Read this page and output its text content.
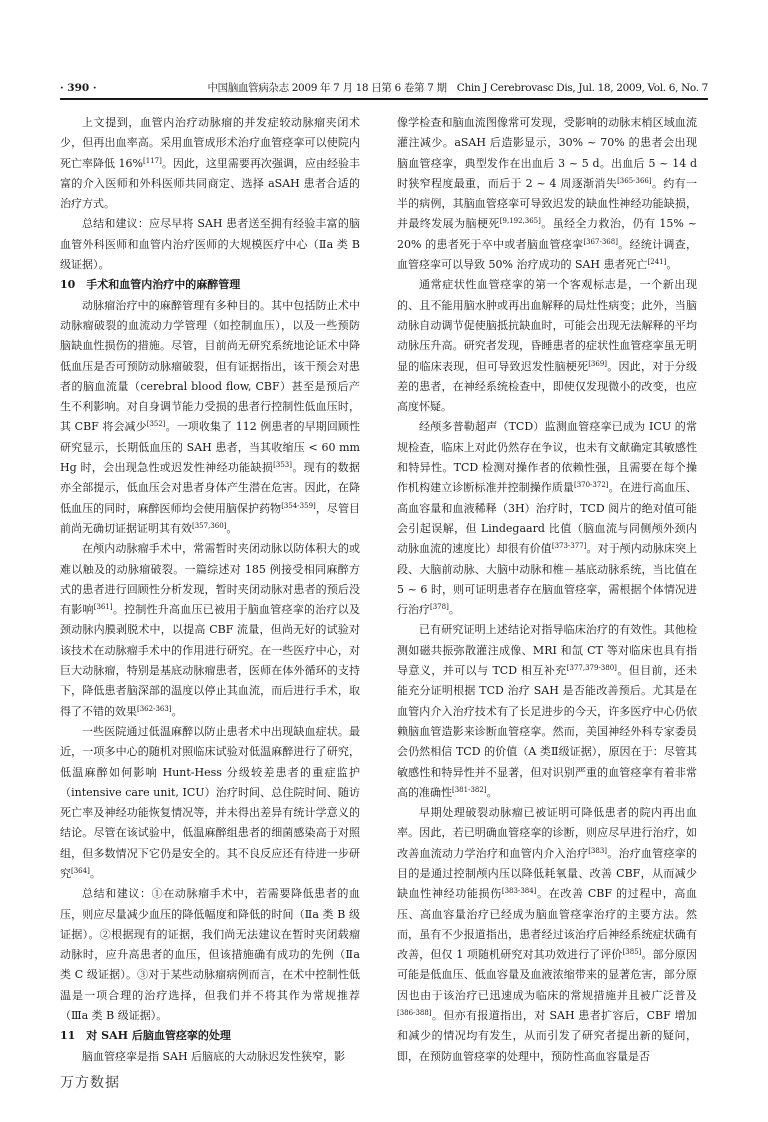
· 390 ·	中国脑血管病杂志 2009 年 7 月 18 日第 6 卷第 7 期　Chin J Cerebrovasc Dis, Jul. 18, 2009, Vol. 6, No. 7

上文提到，血管内治疗动脉瘤的并发症较动脉瘤夹闭术少，但再出血率高。采用血管成形术治疗血管痉挛可以使院内死亡率降低 16%[117]。因此，这里需要再次强调，应由经验丰富的介入医师和外科医师共同商定、选择 aSAH 患者合适的治疗方式。

总结和建议：应尽早将 SAH 患者送至拥有经验丰富的脑血管外科医师和血管内治疗医师的大规模医疗中心（Ⅱa 类 B 级证据）。

10　手术和血管内治疗中的麻醉管理

动脉瘤治疗中的麻醉管理有多种目的。其中包括防止术中动脉瘤破裂的血流动力学管理（如控制血压），以及一些预防脑缺血性损伤的措施。尽管，目前尚无研究系统地论证术中降低血压是否可预防动脉瘤破裂，但有证据指出，该干预会对患者的脑血流量（cerebral blood flow, CBF）甚至是预后产生不利影响。对自身调节能力受损的患者行控制性低血压时，其 CBF 将会减少[352]。一项收集了 112 例患者的早期回顾性研究显示，长期低血压的 SAH 患者，当其收缩压 < 60 mm Hg 时，会出现急性或迟发性神经功能缺损[353]。现有的数据亦全部提示，低血压会对患者身体产生潜在危害。因此，在降低血压的同时，麻醉医师均会使用脑保护药物[354-359]，尽管目前尚无确切证据证明其有效[357,360]。

在颅内动脉瘤手术中，常需暂时夹闭动脉以防体积大的或难以触及的动脉瘤破裂。一篇综述对 185 例接受相同麻醉方式的患者进行回顾性分析发现，暂时夹闭动脉对患者的预后没有影响[361]。控制性升高血压已被用于脑血管痉挛的治疗以及颈动脉内膜剥脱术中，以提高 CBF 流量，但尚无好的试验对该技术在动脉瘤手术中的作用进行研究。在一些医疗中心，对巨大动脉瘤，特别是基底动脉瘤患者，医师在体外循环的支持下，降低患者脑深部的温度以停止其血流，而后进行手术，取得了不错的效果[362-363]。

一些医院通过低温麻醉以防止患者术中出现缺血症状。最近，一项多中心的随机对照临床试验对低温麻醉进行了研究，低温麻醉如何影响 Hunt-Hess 分级较差患者的重症监护（intensive care unit, ICU）治疗时间、总住院时间、随访死亡率及神经功能恢复情况等，并未得出差异有统计学意义的结论。尽管在该试验中，低温麻醉组患者的细菌感染高于对照组，但多数情况下它仍是安全的。其不良反应还有待进一步研究[364]。

总结和建议：①在动脉瘤手术中，若需要降低患者的血压，则应尽量减少血压的降低幅度和降低的时间（Ⅱa 类 B 级证据）。②根据现有的证据，我们尚无法建议在暂时夹闭载瘤动脉时，应升高患者的血压，但该措施确有成功的先例（Ⅱa 类 C 级证据）。③对于某些动脉瘤病例而言，在术中控制性低温是一项合理的治疗选择，但我们并不将其作为常规推荐（Ⅲa 类 B 级证据）。

11　对 SAH 后脑血管痉挛的处理

脑血管痉挛是指 SAH 后脑底的大动脉迟发性狭窄，影

像学检查和脑血流图像常可发现，受影响的动脉末梢区域血流灌注减少。aSAH 后造影显示，30% ~ 70% 的患者会出现脑血管痉挛，典型发作在出血后 3 ~ 5 d。出血后 5 ~ 14 d 时狭窄程度最重，而后于 2 ~ 4 周逐渐消失[365-366]。约有一半的病例，其脑血管痉挛可导致迟发的缺血性神经功能缺损，并最终发展为脑梗死[9,192,365]。虽经全力救治，仍有 15% ~ 20% 的患者死于卒中或者脑血管痉挛[367-368]。经统计调查，血管痉挛可以导致 50% 治疗成功的 SAH 患者死亡[241]。

通常症状性血管痉挛的第一个客观标志是，一个新出现的、且不能用脑水肿或再出血解释的局灶性病变；此外，当脑动脉自动调节促使脑抵抗缺血时，可能会出现无法解释的平均动脉压升高。研究者发现，昏睡患者的症状性血管痉挛虽无明显的临床表现，但可导致迟发性脑梗死[369]。因此，对于分级差的患者，在神经系统检查中，即使仅发现微小的改变，也应高度怀疑。

经颅多普勒超声（TCD）监测血管痉挛已成为 ICU 的常规检查，临床上对此仍然存在争议，也未有文献确定其敏感性和特异性。TCD 检测对操作者的依赖性强，且需要在每个操作机构建立诊断标准并控制操作质量[370-372]。在进行高血压、高血容量和血液稀释（3H）治疗时，TCD 阅片的绝对值可能会引起误解，但 Lindegaard 比值（脑血流与同侧颅外颈内动脉血流的速度比）却很有价值[373-377]。对于颅内动脉床突上段、大脑前动脉、大脑中动脉和椎－基底动脉系统，当比值在 5 ~ 6 时，则可证明患者存在脑血管痉挛，需根据个体情况进行治疗[378]。

已有研究证明上述结论对指导临床治疗的有效性。其他检测如磁共振弥散灌注成像、MRI 和氙 CT 等对临床也具有指导意义，并可以与 TCD 相互补充[377,379-380]。但目前，还未能充分证明根据 TCD 治疗 SAH 是否能改善预后。尤其是在血管内介入治疗技术有了长足进步的今天，许多医疗中心仍依赖脑血管造影来诊断血管痉挛。然而，美国神经外科专家委员会仍然相信 TCD 的价值（A 类Ⅱ级证据），原因在于：尽管其敏感性和特异性并不显著，但对识别严重的血管痉挛有着非常高的准确性[381-382]。

早期处理破裂动脉瘤已被证明可降低患者的院内再出血率。因此，若已明确血管痉挛的诊断，则应尽早进行治疗，如改善血流动力学治疗和血管内介入治疗[383]。治疗血管痉挛的目的是通过控制颅内压以降低耗氧量、改善 CBF，从而减少缺血性神经功能损伤[383-384]。在改善 CBF 的过程中，高血压、高血容量治疗已经成为脑血管痉挛治疗的主要方法。然而，虽有不少报道指出，患者经过该治疗后神经系统症状确有改善，但仅 1 项随机研究对其功效进行了评价[385]。部分原因可能是低血压、低血容量及血液浓缩带来的显著危害，部分原因也由于该治疗已迅速成为临床的常规措施并且被广泛普及[386-388]。但亦有报道指出，对 SAH 患者扩容后，CBF 增加和减少的情况均有发生，从而引发了研究者提出新的疑问，即，在预防血管痉挛的处理中，预防性高血容量是否

万方数据
